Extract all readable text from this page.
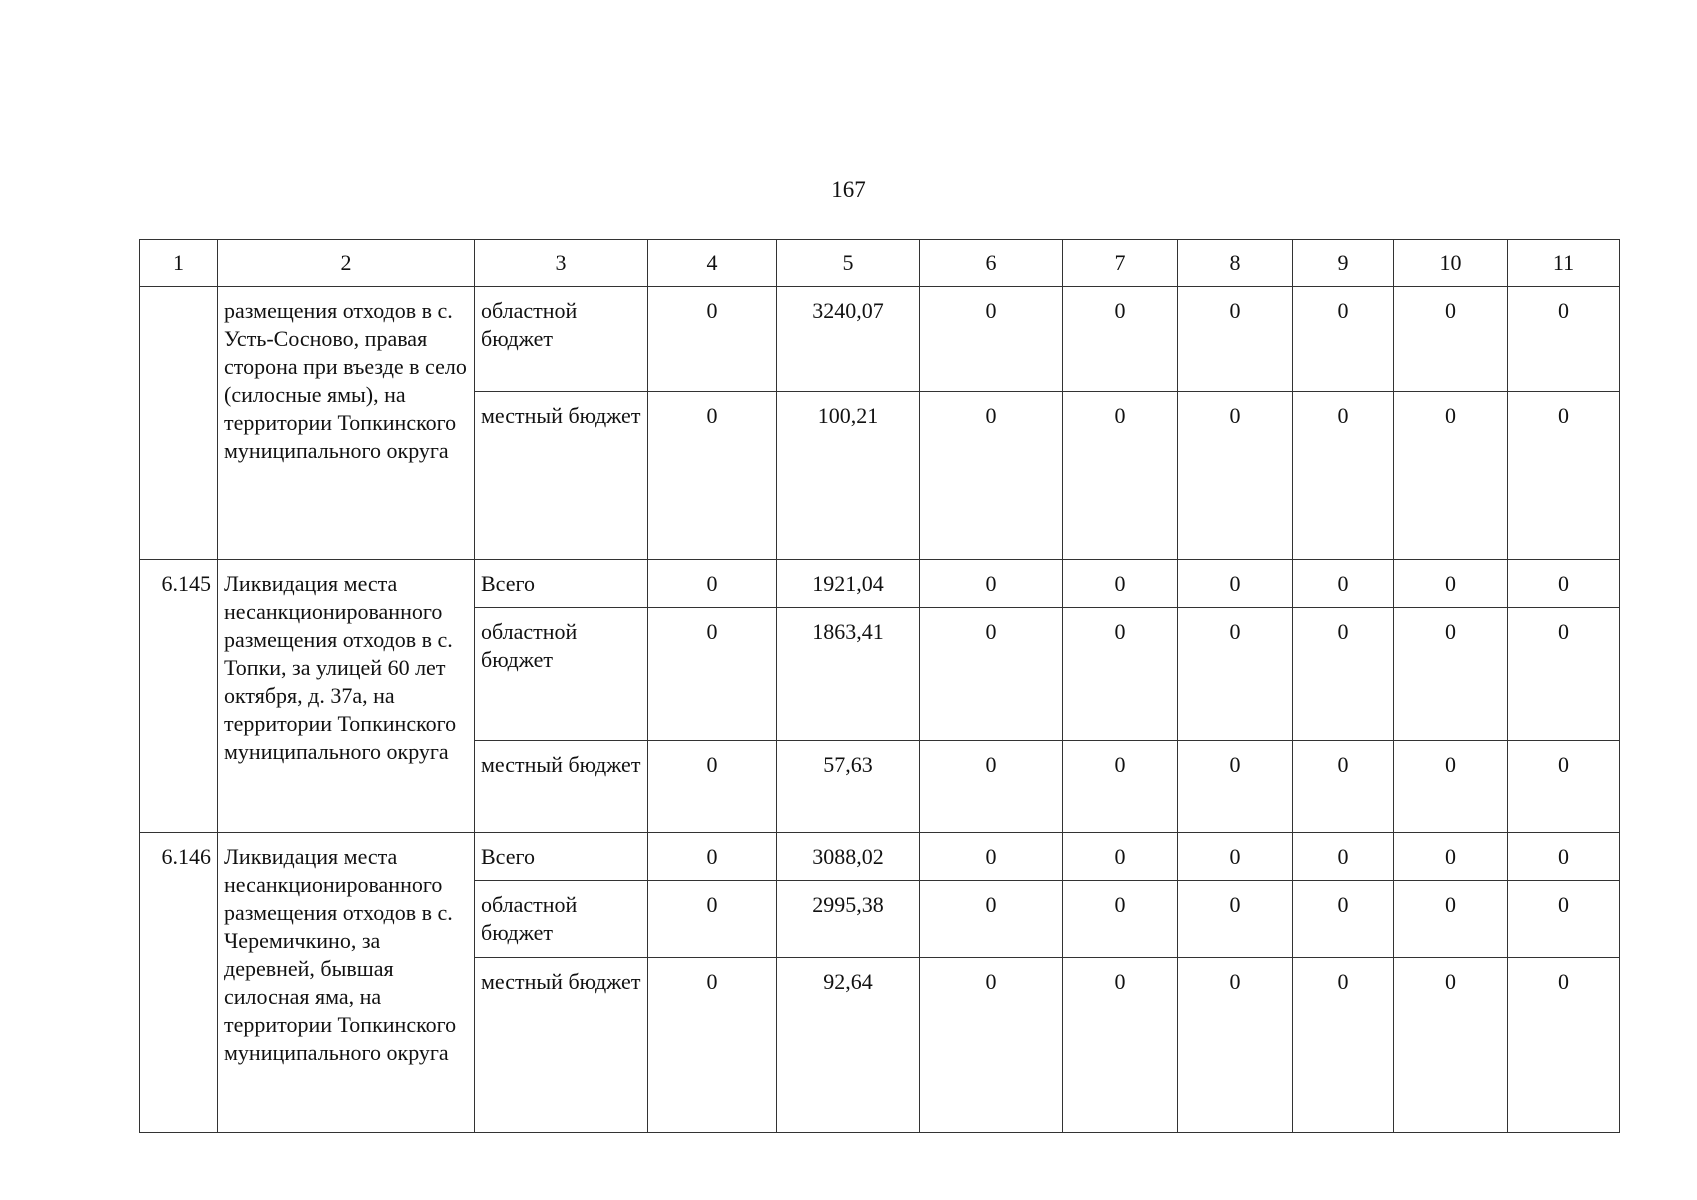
167
1	2	3	4	5	6	7	8	9	10	11
	размещения отходов в с. Усть-Сосново, правая сторона при въезде в село (силосные ямы), на территории Топкинского муниципального округа	областной бюджет	0	3240,07	0	0	0	0	0	0
		местный бюджет	0	100,21	0	0	0	0	0	0
6.145	Ликвидация места несанкционированного размещения отходов в с. Топки, за улицей 60 лет октября, д. 37а, на территории Топкинского муниципального округа	Всего	0	1921,04	0	0	0	0	0	0
		областной бюджет	0	1863,41	0	0	0	0	0	0
		местный бюджет	0	57,63	0	0	0	0	0	0
6.146	Ликвидация места несанкционированного размещения отходов в с. Черемичкино, за деревней, бывшая силосная яма, на территории Топкинского муниципального округа	Всего	0	3088,02	0	0	0	0	0	0
		областной бюджет	0	2995,38	0	0	0	0	0	0
		местный бюджет	0	92,64	0	0	0	0	0	0
